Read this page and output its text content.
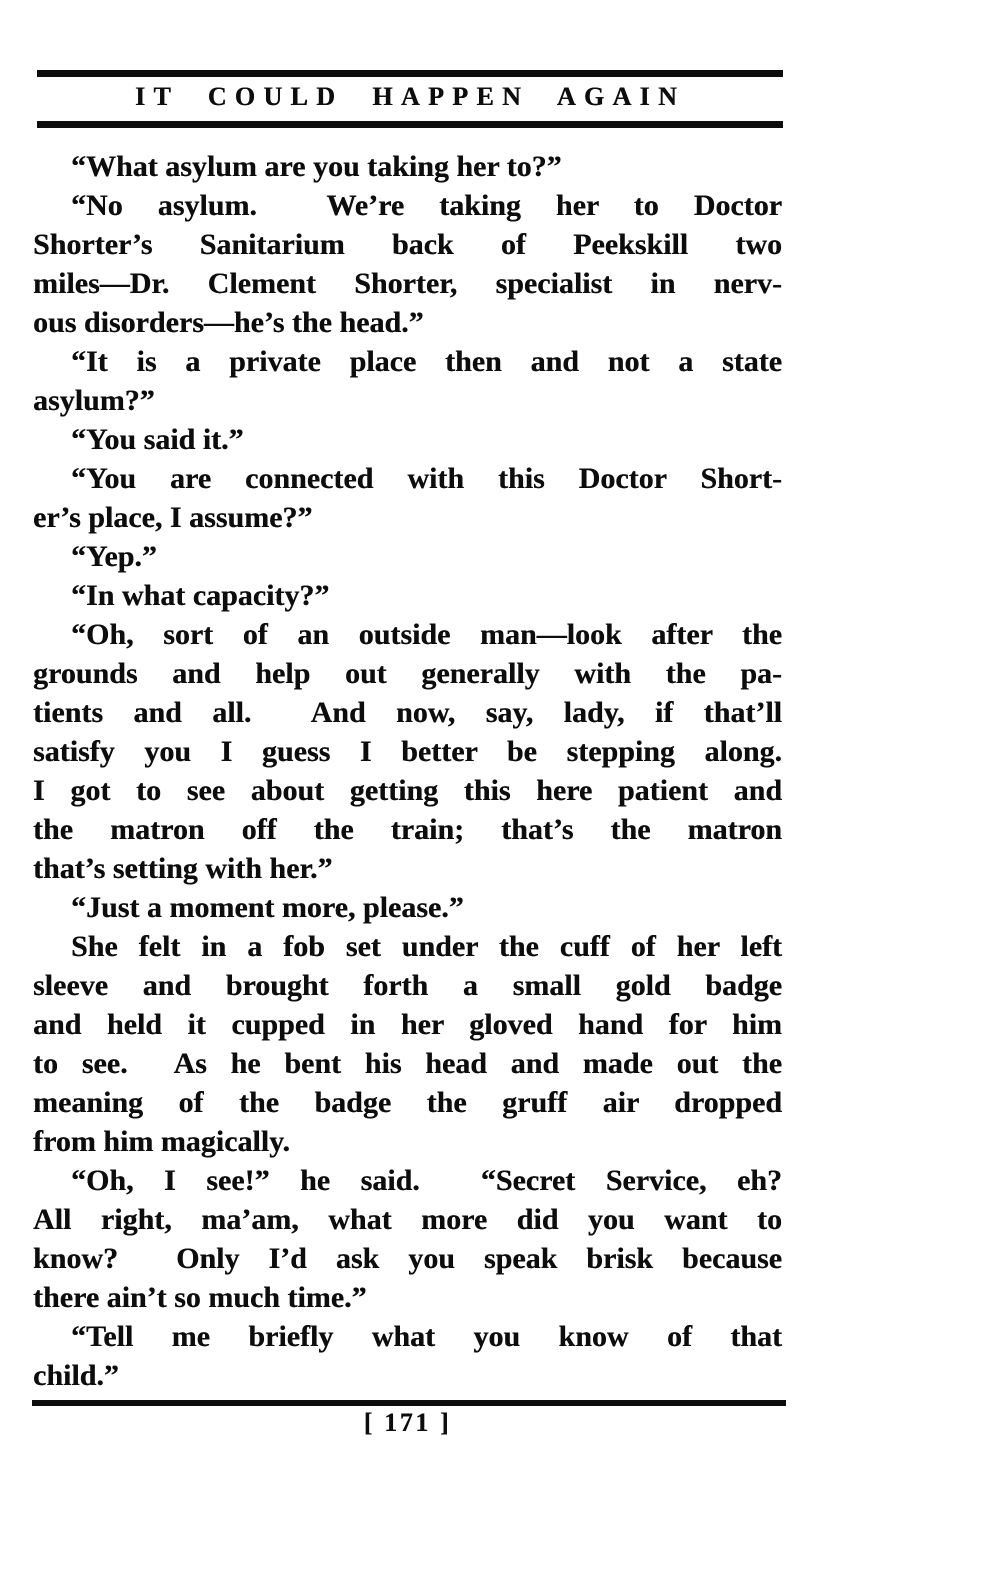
IT COULD HAPPEN AGAIN
“What asylum are you taking her to?”
“No asylum.  We’re taking her to Doctor
Shorter’s Sanitarium back of Peekskill two
miles—Dr. Clement Shorter, specialist in nerv-
ous disorders—he’s the head.”
“It is a private place then and not a state
asylum?”
“You said it.”
“You are connected with this Doctor Short-
er’s place, I assume?”
“Yep.”
“In what capacity?”
“Oh, sort of an outside man—look after the
grounds and help out generally with the pa-
tients and all.  And now, say, lady, if that’ll
satisfy you I guess I better be stepping along.
I got to see about getting this here patient and
the matron off the train; that’s the matron
that’s setting with her.”
“Just a moment more, please.”
She felt in a fob set under the cuff of her left
sleeve and brought forth a small gold badge
and held it cupped in her gloved hand for him
to see.  As he bent his head and made out the
meaning of the badge the gruff air dropped
from him magically.
“Oh, I see!” he said.  “Secret Service, eh?
All right, ma’am, what more did you want to
know?  Only I’d ask you speak brisk because
there ain’t so much time.”
“Tell me briefly what you know of that
child.”
[ 171 ]
